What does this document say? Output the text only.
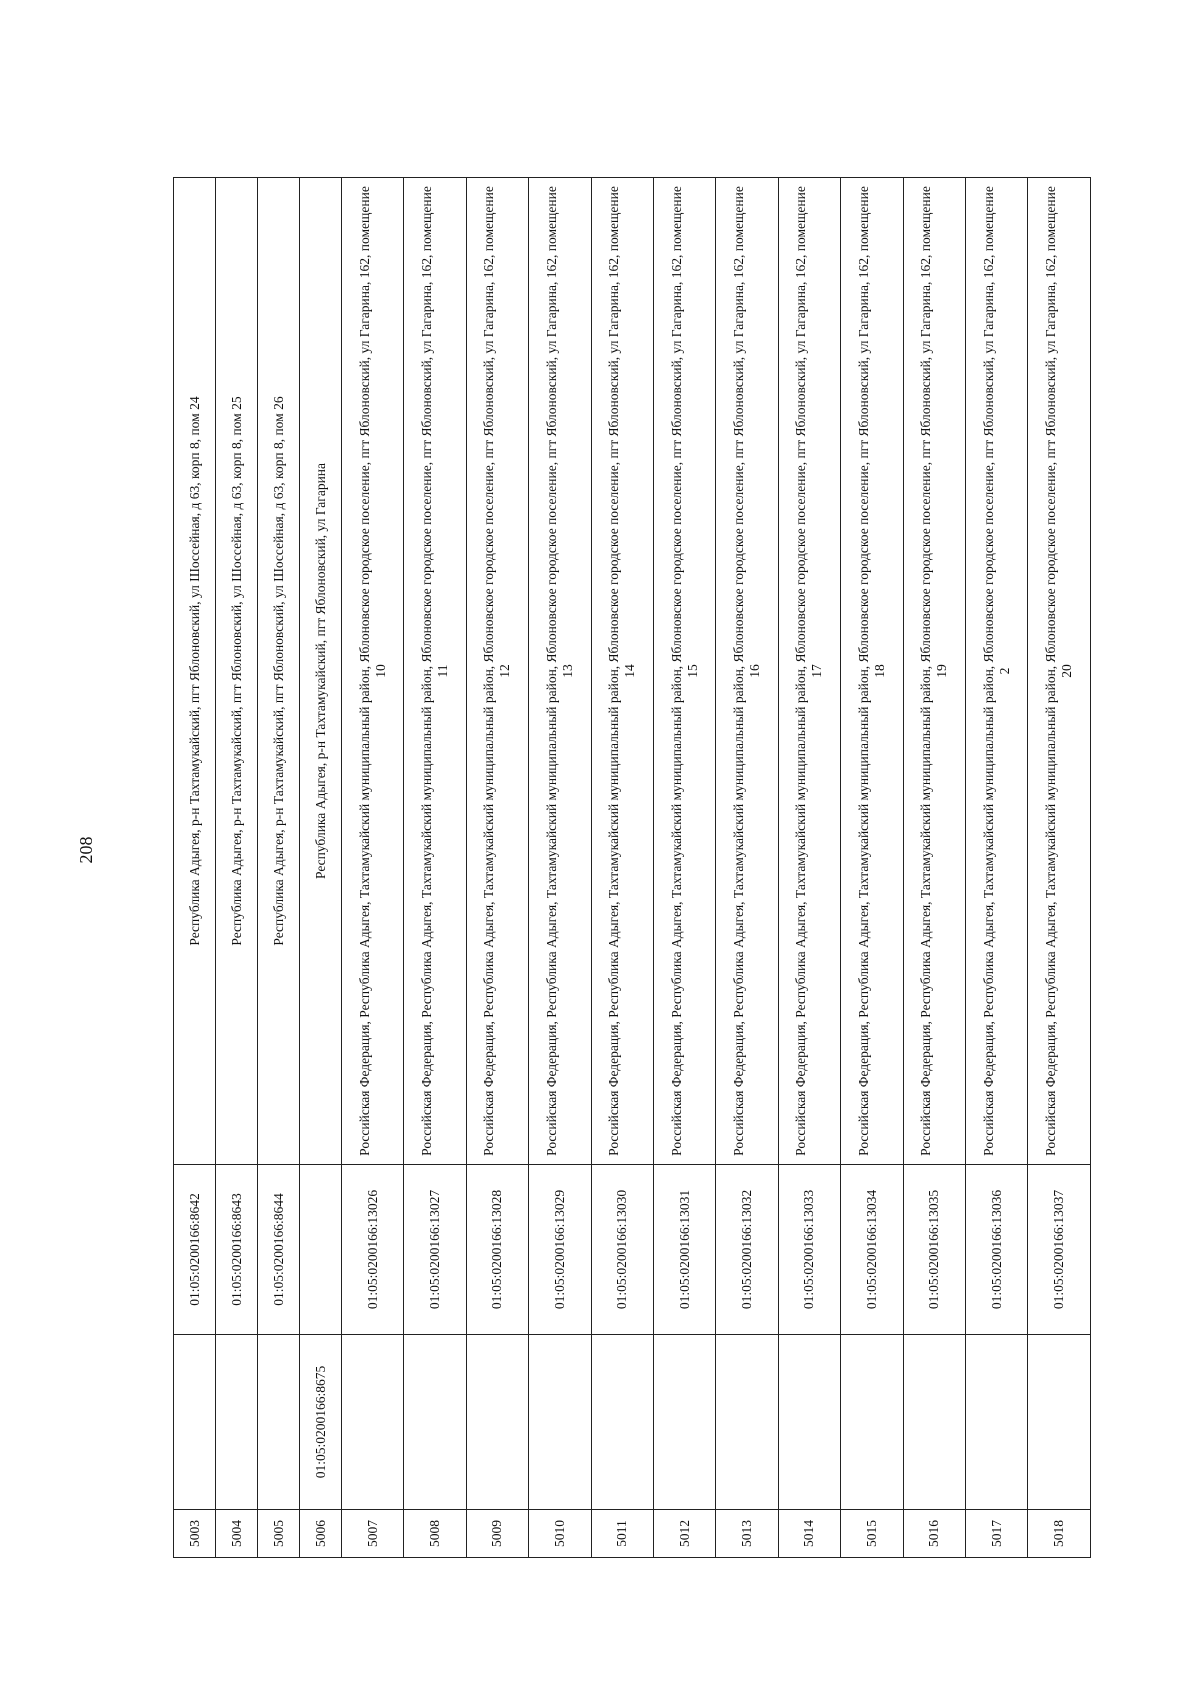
208
5003		01:05:0200166:8642	Республика Адыгея, р-н Тахтамукайский, пгт Яблоновский, ул Шоссейная, д 63, корп 8, пом 24
5004		01:05:0200166:8643	Республика Адыгея, р-н Тахтамукайский, пгт Яблоновский, ул Шоссейная, д 63, корп 8, пом 25
5005		01:05:0200166:8644	Республика Адыгея, р-н Тахтамукайский, пгт Яблоновский, ул Шоссейная, д 63, корп 8, пом 26
5006	01:05:0200166:8675		Республика Адыгея, р-н Тахтамукайский, пгт Яблоновский, ул Гагарина
5007		01:05:0200166:13026	Российская Федерация, Республика Адыгея, Тахтамукайский муниципальный район, Яблоновское городское поселение, пгт Яблоновский, ул Гагарина, 162, помещение 10
5008		01:05:0200166:13027	Российская Федерация, Республика Адыгея, Тахтамукайский муниципальный район, Яблоновское городское поселение, пгт Яблоновский, ул Гагарина, 162, помещение 11
5009		01:05:0200166:13028	Российская Федерация, Республика Адыгея, Тахтамукайский муниципальный район, Яблоновское городское поселение, пгт Яблоновский, ул Гагарина, 162, помещение 12
5010		01:05:0200166:13029	Российская Федерация, Республика Адыгея, Тахтамукайский муниципальный район, Яблоновское городское поселение, пгт Яблоновский, ул Гагарина, 162, помещение 13
5011		01:05:0200166:13030	Российская Федерация, Республика Адыгея, Тахтамукайский муниципальный район, Яблоновское городское поселение, пгт Яблоновский, ул Гагарина, 162, помещение 14
5012		01:05:0200166:13031	Российская Федерация, Республика Адыгея, Тахтамукайский муниципальный район, Яблоновское городское поселение, пгт Яблоновский, ул Гагарина, 162, помещение 15
5013		01:05:0200166:13032	Российская Федерация, Республика Адыгея, Тахтамукайский муниципальный район, Яблоновское городское поселение, пгт Яблоновский, ул Гагарина, 162, помещение 16
5014		01:05:0200166:13033	Российская Федерация, Республика Адыгея, Тахтамукайский муниципальный район, Яблоновское городское поселение, пгт Яблоновский, ул Гагарина, 162, помещение 17
5015		01:05:0200166:13034	Российская Федерация, Республика Адыгея, Тахтамукайский муниципальный район, Яблоновское городское поселение, пгт Яблоновский, ул Гагарина, 162, помещение 18
5016		01:05:0200166:13035	Российская Федерация, Республика Адыгея, Тахтамукайский муниципальный район, Яблоновское городское поселение, пгт Яблоновский, ул Гагарина, 162, помещение 19
5017		01:05:0200166:13036	Российская Федерация, Республика Адыгея, Тахтамукайский муниципальный район, Яблоновское городское поселение, пгт Яблоновский, ул Гагарина, 162, помещение 2
5018		01:05:0200166:13037	Российская Федерация, Республика Адыгея, Тахтамукайский муниципальный район, Яблоновское городское поселение, пгт Яблоновский, ул Гагарина, 162, помещение 20
